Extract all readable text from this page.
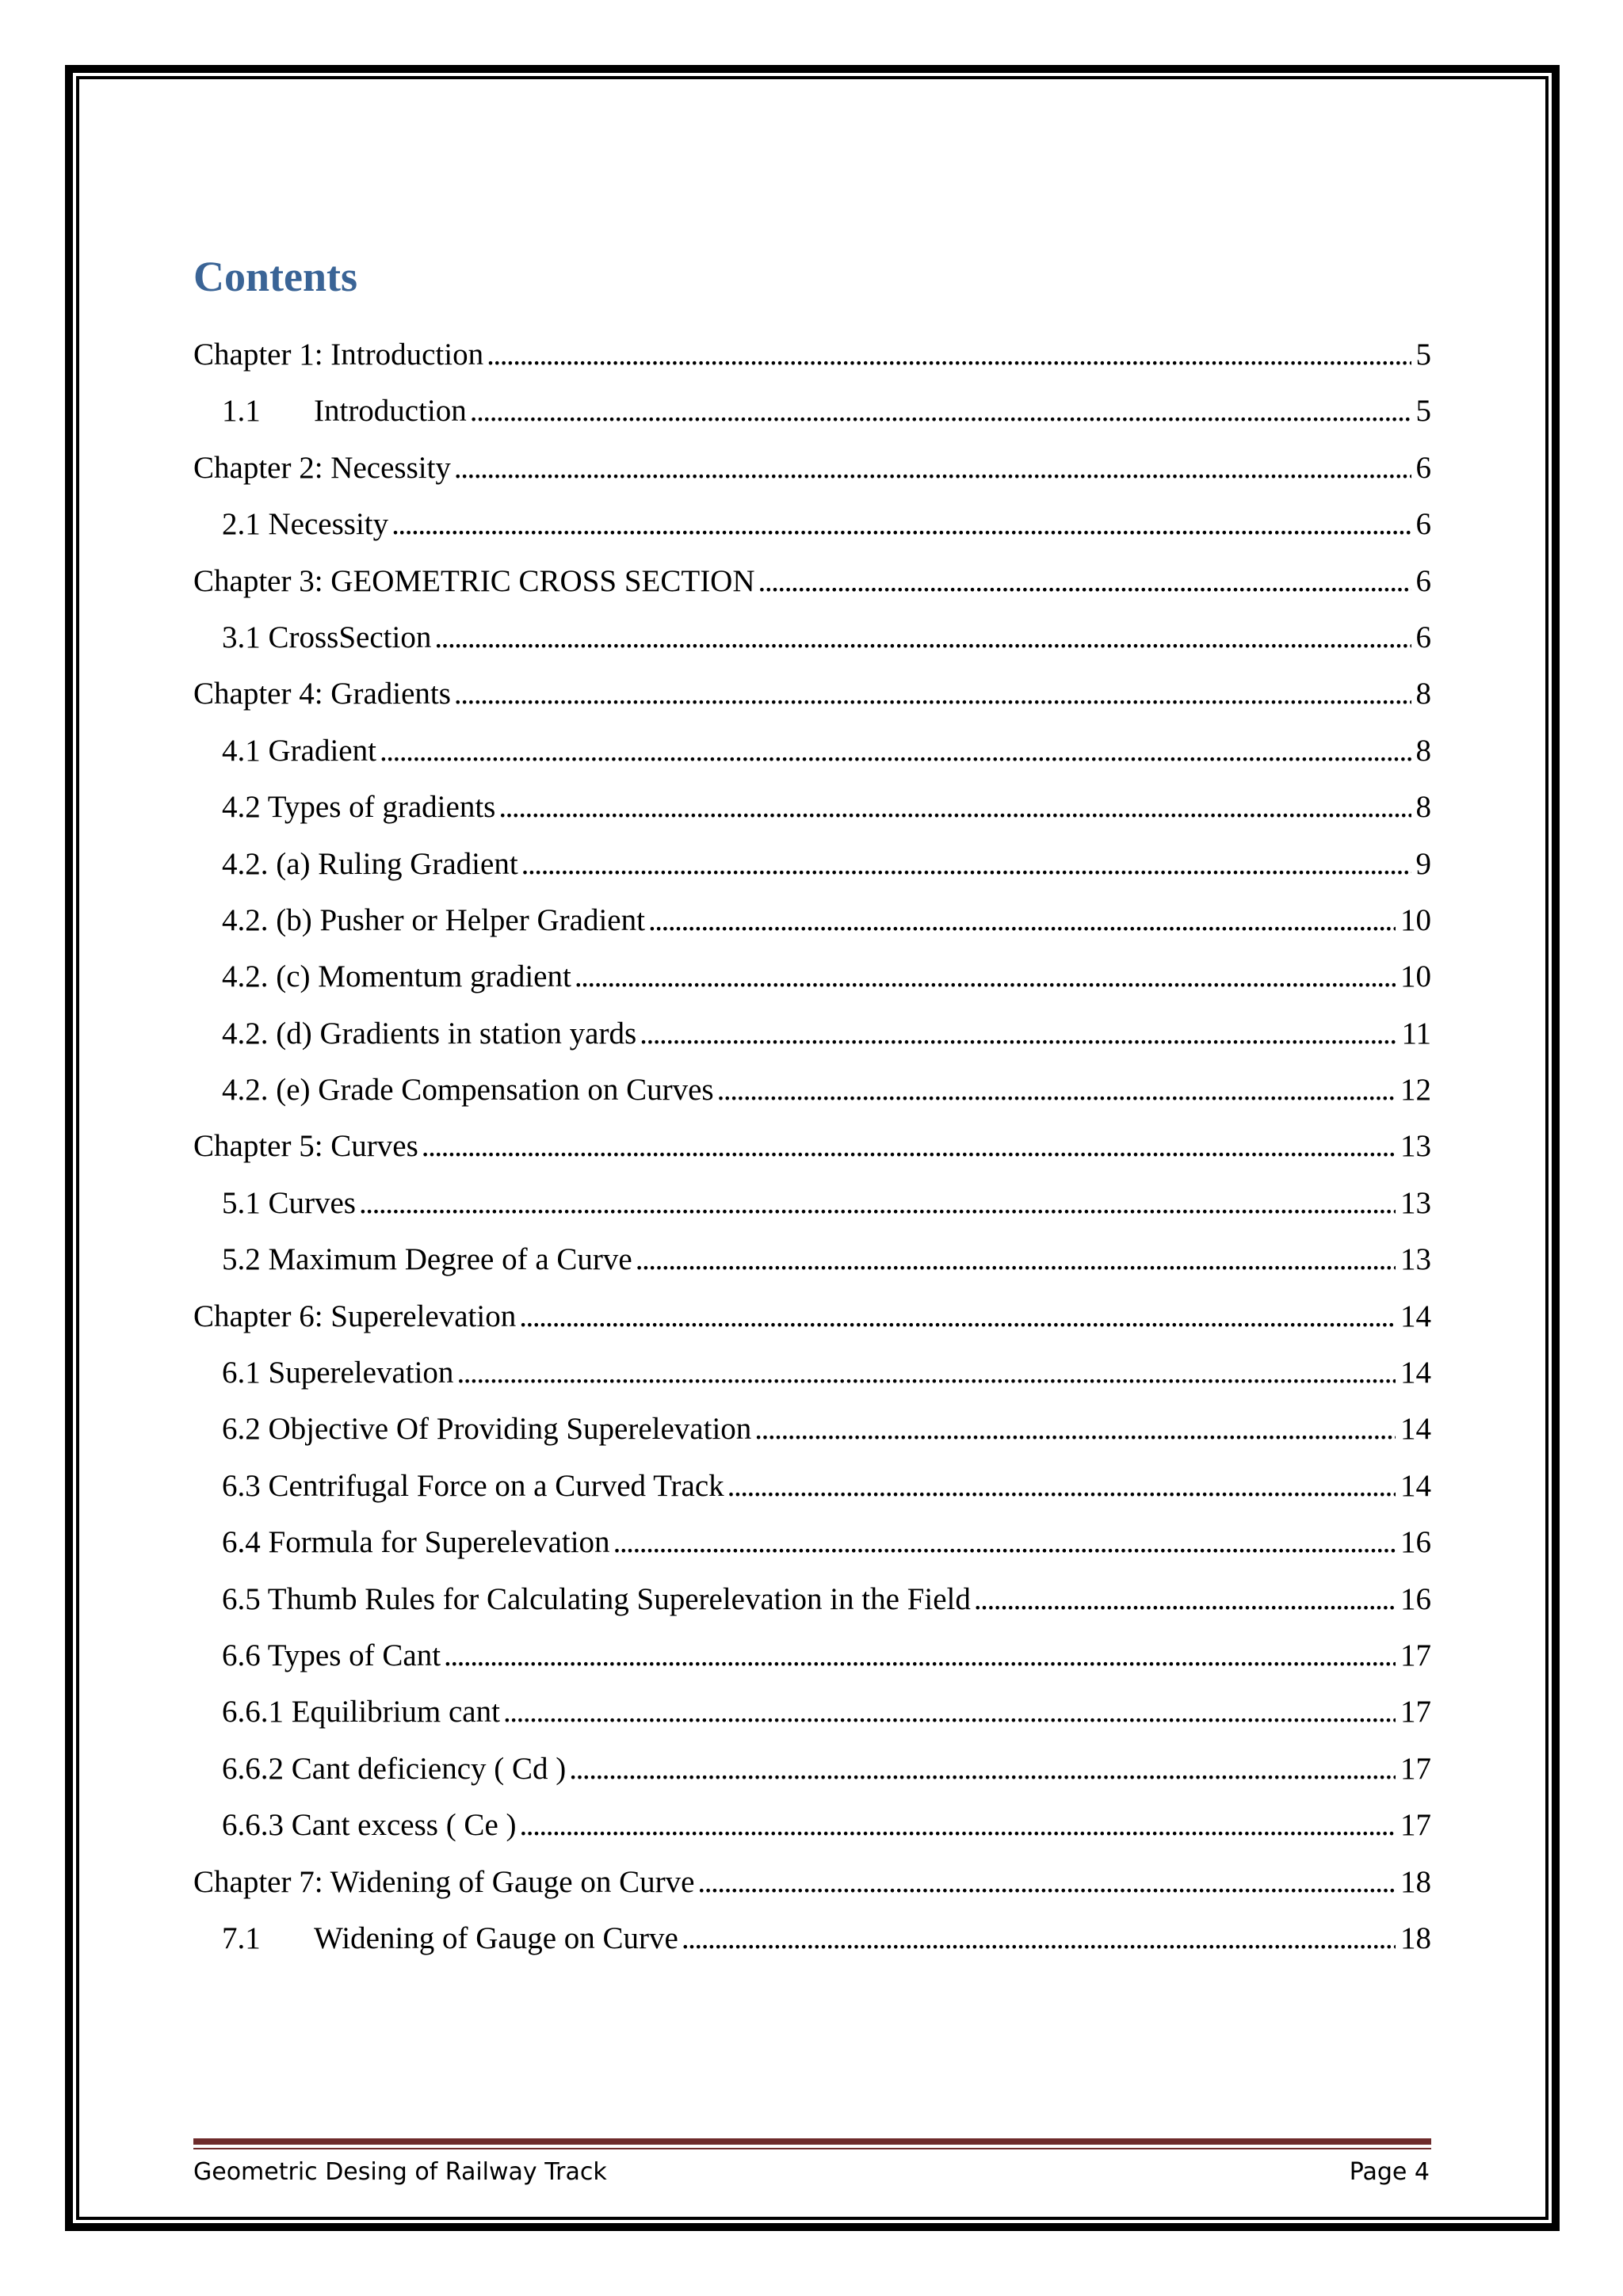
Contents
Chapter 1: Introduction . . .	5
1.1	Introduction . . .	5
Chapter 2: Necessity . . .	6
2.1 Necessity . . .	6
Chapter 3: GEOMETRIC CROSS SECTION . . .	6
3.1 CrossSection . . .	6
Chapter 4: Gradients . . .	8
4.1 Gradient . . .	8
4.2 Types of gradients . . .	8
4.2. (a) Ruling Gradient . . .	9
4.2. (b) Pusher or Helper Gradient . . .	10
4.2. (c) Momentum gradient . . .	10
4.2. (d) Gradients in station yards . . .	11
4.2. (e) Grade Compensation on Curves . . .	12
Chapter 5: Curves . . .	13
5.1 Curves . . .	13
5.2 Maximum Degree of a Curve . . .	13
Chapter 6: Superelevation . . .	14
6.1 Superelevation . . .	14
6.2 Objective Of Providing Superelevation . . .	14
6.3 Centrifugal Force on a Curved Track . . .	14
6.4 Formula for Superelevation . . .	16
6.5 Thumb Rules for Calculating Superelevation in the Field . . .	16
6.6 Types of Cant . . .	17
6.6.1 Equilibrium cant . . .	17
6.6.2 Cant deficiency ( Cd ) . . .	17
6.6.3 Cant excess ( Ce ) . . .	17
Chapter 7: Widening of Gauge on Curve . . .	18
7.1	Widening of Gauge on Curve . . .	18
Geometric Desing of Railway Track	Page 4
